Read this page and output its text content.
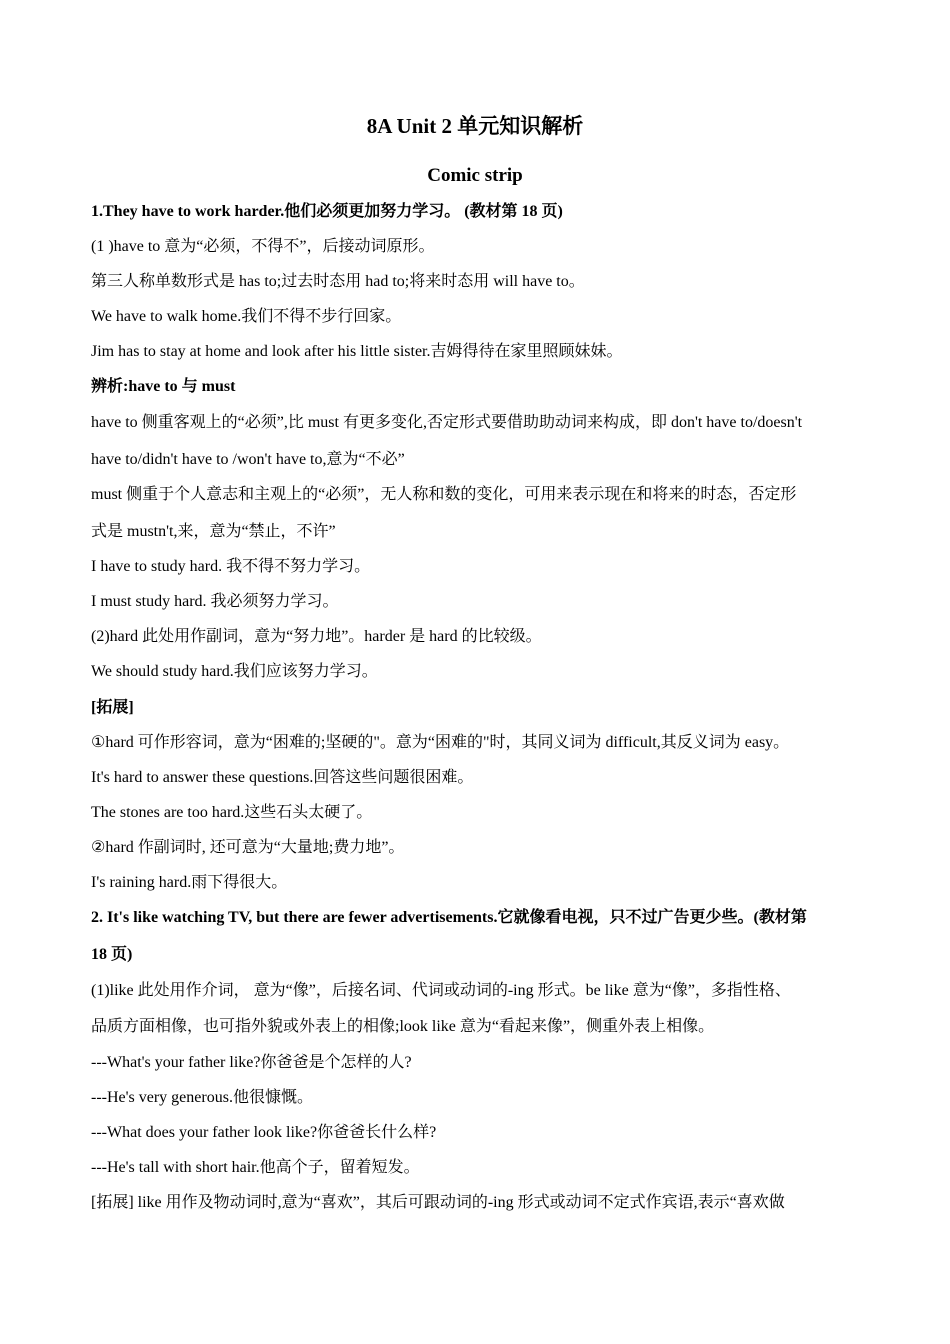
8A Unit 2 单元知识解析
Comic strip
1.They have to work harder.他们必须更加努力学习。 (教材第 18 页)
(1 )have to 意为“必须，不得不”，后接动词原形。
第三人称单数形式是 has to;过去时态用 had to;将来时态用 will have to。
We have to walk home.我们不得不步行回家。
Jim has to stay at home and look after his little sister.吉姆得待在家里照顾妹妹。
辨析:have to 与 must
have to 侧重客观上的“必须”,比 must 有更多变化,否定形式要借助助动词来构成，即 don't have to/doesn't
have to/didn't have to /won't have to,意为“不必”
must 侧重于个人意志和主观上的“必须”，无人称和数的变化，可用来表示现在和将来的时态，否定形
式是 mustn't,来，意为“禁止，不许”
I have to study hard. 我不得不努力学习。
I must study hard. 我必须努力学习。
(2)hard 此处用作副词，意为“努力地”。harder 是 hard 的比较级。
We should study hard.我们应该努力学习。
[拓展]
①hard 可作形容词，意为“困难的;坚硬的"。意为“困难的"时，其同义词为 difficult,其反义词为 easy。
It's hard to answer these questions.回答这些问题很困难。
The stones are too hard.这些石头太硬了。
②hard 作副词时, 还可意为“大量地;费力地”。
I's raining hard.雨下得很大。
2. It's like watching TV, but there are fewer advertisements.它就像看电视，只不过广告更少些。(教材第
18 页)
(1)like 此处用作介词， 意为“像”，后接名词、代词或动词的-ing 形式。be like 意为“像”，多指性格、
品质方面相像，也可指外貌或外表上的相像;look like 意为“看起来像”，侧重外表上相像。
---What's your father like?你爸爸是个怎样的人?
---He's very generous.他很慷慨。
---What does your father look like?你爸爸长什么样?
---He's tall with short hair.他高个子，留着短发。
[拓展] like 用作及物动词时,意为“喜欢”，其后可跟动词的-ing 形式或动词不定式作宾语,表示“喜欢做
